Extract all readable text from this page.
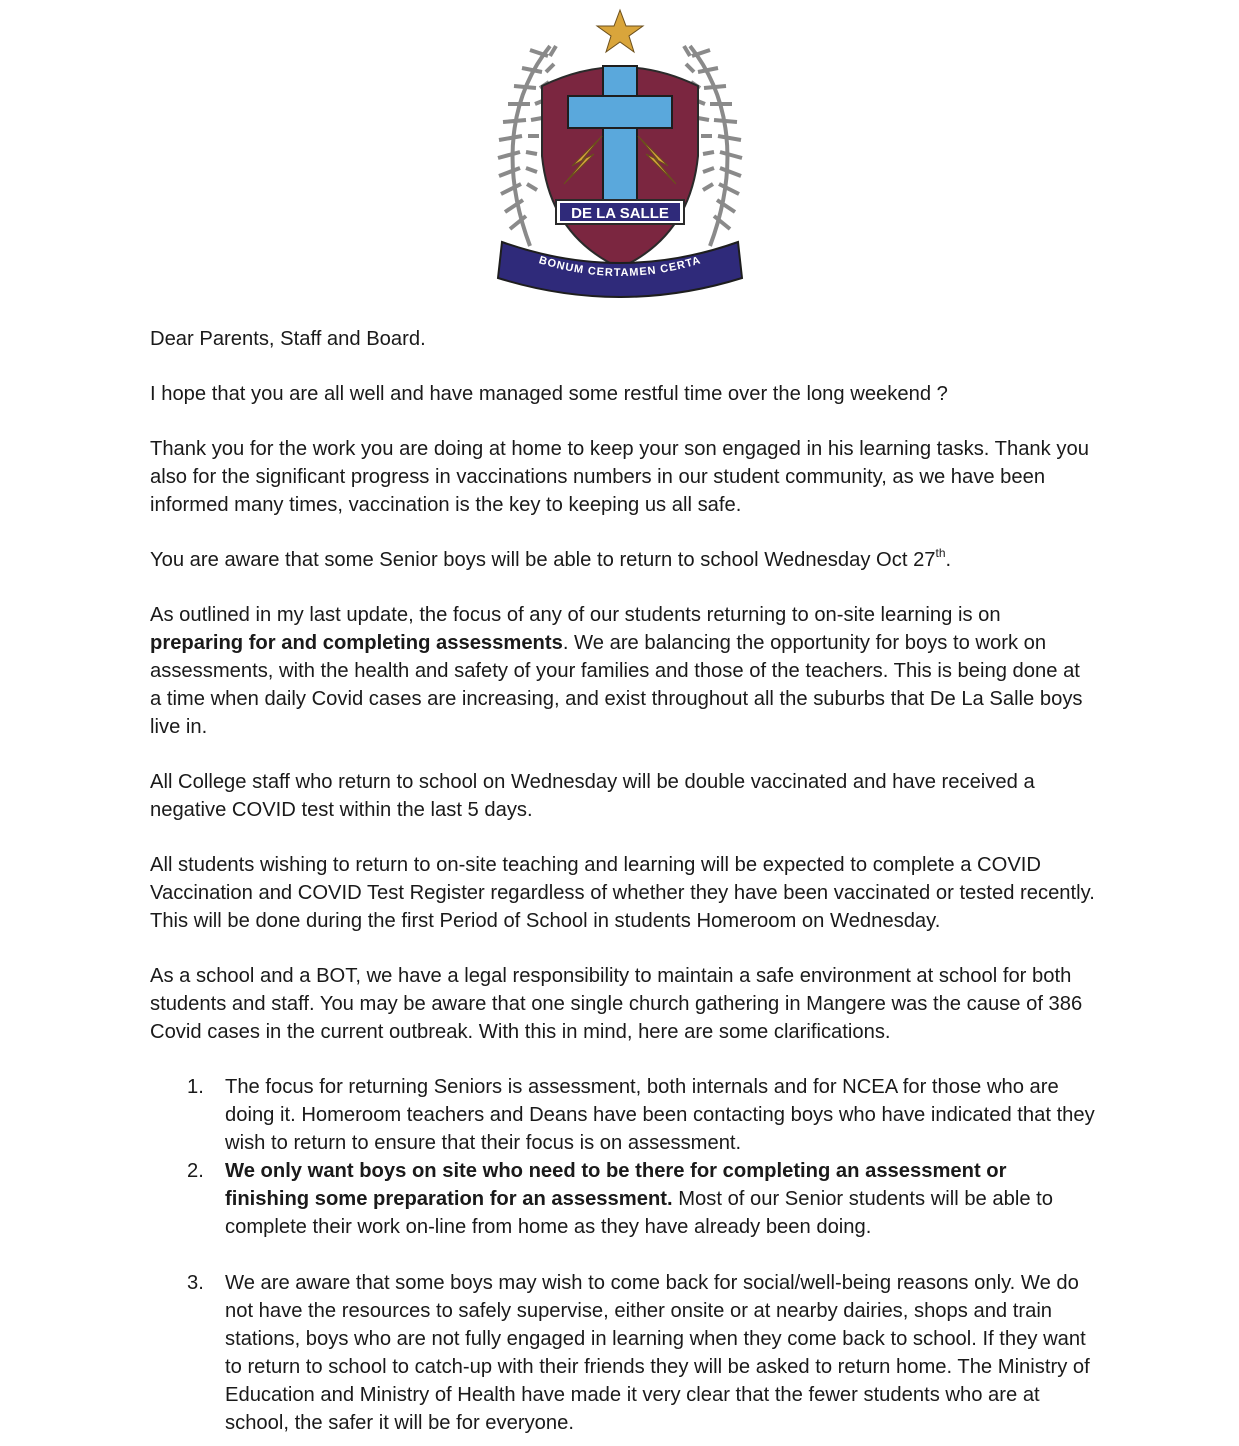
DE LA SALLE
BONUM CERTAMEN CERTA

Dear Parents, Staff and Board.

I hope that you are all well and have managed some restful time over the long weekend ?

Thank you for the work you are doing at home to keep your son engaged in his learning tasks. Thank you also for the significant progress in vaccinations numbers in our student community, as we have been informed many times, vaccination is the key to keeping us all safe.

You are aware that some Senior boys will be able to return to school Wednesday Oct 27th.

As outlined in my last update, the focus of any of our students returning to on-site learning is on preparing for and completing assessments. We are balancing the opportunity for boys to work on assessments, with the health and safety of your families and those of the teachers. This is being done at a time when daily Covid cases are increasing, and exist throughout all the suburbs that De La Salle boys live in.

All College staff who return to school on Wednesday will be double vaccinated and have received a negative COVID test within the last 5 days.

All students wishing to return to on-site teaching and learning will be expected to complete a COVID Vaccination and COVID Test Register regardless of whether they have been vaccinated or tested recently. This will be done during the first Period of School in students Homeroom on Wednesday.

As a school and a BOT, we have a legal responsibility to maintain a safe environment at school for both students and staff. You may be aware that one single church gathering in Mangere was the cause of 386 Covid cases in the current outbreak. With this in mind, here are some clarifications.

1. The focus for returning Seniors is assessment, both internals and for NCEA for those who are doing it. Homeroom teachers and Deans have been contacting boys who have indicated that they wish to return to ensure that their focus is on assessment.
2. We only want boys on site who need to be there for completing an assessment or finishing some preparation for an assessment. Most of our Senior students will be able to complete their work on-line from home as they have already been doing.
3. We are aware that some boys may wish to come back for social/well-being reasons only. We do not have the resources to safely supervise, either onsite or at nearby dairies, shops and train stations, boys who are not fully engaged in learning when they come back to school. If they want to return to school to catch-up with their friends they will be asked to return home. The Ministry of Education and Ministry of Health have made it very clear that the fewer students who are at school, the safer it will be for everyone.
